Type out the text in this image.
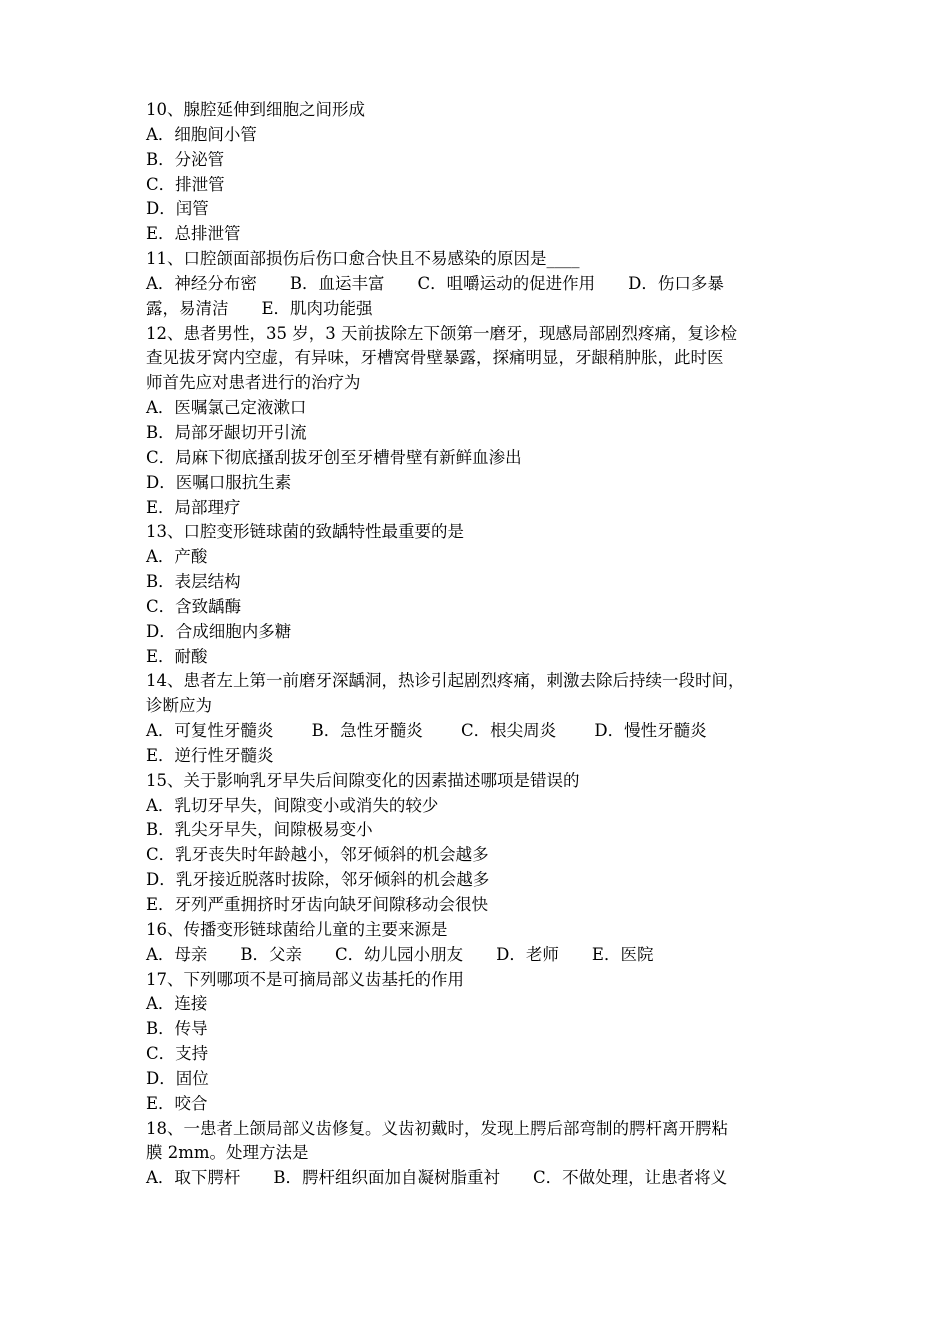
10、腺腔延伸到细胞之间形成
A．细胞间小管
B．分泌管
C．排泄管
D．闰管
E．总排泄管
11、口腔颌面部损伤后伤口愈合快且不易感染的原因是____
A．神经分布密　　B．血运丰富　　C．咀嚼运动的促进作用　　D．伤口多暴
露，易清洁　　E．肌肉功能强
12、患者男性，35 岁，3 天前拔除左下颌第一磨牙，现感局部剧烈疼痛，复诊检
查见拔牙窝内空虚，有异味，牙槽窝骨壁暴露，探痛明显，牙龈稍肿胀，此时医
师首先应对患者进行的治疗为
A．医嘱氯己定液漱口
B．局部牙龈切开引流
C．局麻下彻底搔刮拔牙创至牙槽骨壁有新鲜血渗出
D．医嘱口服抗生素
E．局部理疗
13、口腔变形链球菌的致龋特性最重要的是
A．产酸
B．表层结构
C．含致龋酶
D．合成细胞内多糖
E．耐酸
14、患者左上第一前磨牙深龋洞，热诊引起剧烈疼痛，刺激去除后持续一段时间，
诊断应为
A．可复性牙髓炎　　 B．急性牙髓炎　　 C．根尖周炎　　 D．慢性牙髓炎
E．逆行性牙髓炎
15、关于影响乳牙早失后间隙变化的因素描述哪项是错误的
A．乳切牙早失，间隙变小或消失的较少
B．乳尖牙早失，间隙极易变小
C．乳牙丧失时年龄越小，邻牙倾斜的机会越多
D．乳牙接近脱落时拔除，邻牙倾斜的机会越多
E．牙列严重拥挤时牙齿向缺牙间隙移动会很快
16、传播变形链球菌给儿童的主要来源是
A．母亲　　B．父亲　　C．幼儿园小朋友　　D．老师　　E．医院
17、下列哪项不是可摘局部义齿基托的作用
A．连接
B．传导
C．支持
D．固位
E．咬合
18、一患者上颌局部义齿修复。义齿初戴时，发现上腭后部弯制的腭杆离开腭粘
膜 2mm。处理方法是
A．取下腭杆　　B．腭杆组织面加自凝树脂重衬　　C．不做处理，让患者将义
